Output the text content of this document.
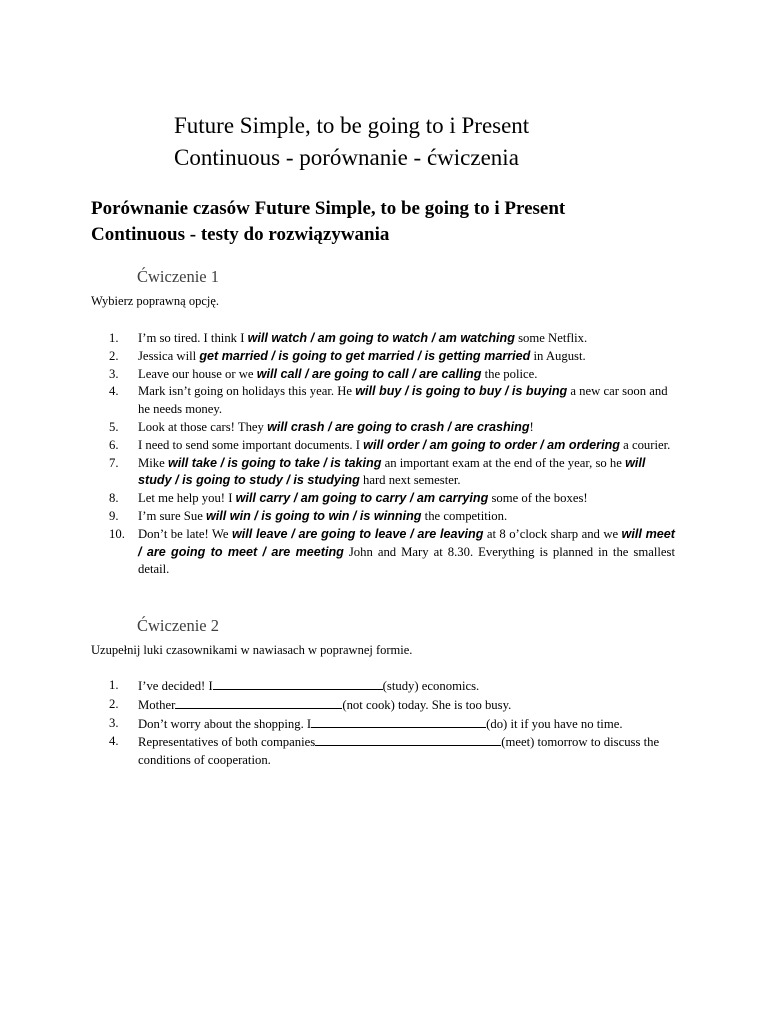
Future Simple, to be going to i Present
Continuous - porównanie - ćwiczenia
Porównanie czasów Future Simple, to be going to i Present
Continuous - testy do rozwiązywania
Ćwiczenie 1

Wybierz poprawną opcję.

1.	I’m so tired. I think I will watch / am going to watch / am watching some Netflix.
2.	Jessica will get married / is going to get married / is getting married in August.
3.	Leave our house or we will call / are going to call / are calling the police.
4.	Mark isn’t going on holidays this year. He will buy / is going to buy / is buying a new car soon and he needs money.
5.	Look at those cars! They will crash / are going to crash / are crashing!
6.	I need to send some important documents. I will order / am going to order / am ordering a courier.
7.	Mike will take / is going to take / is taking an important exam at the end of the year, so he will study / is going to study / is studying hard next semester.
8.	Let me help you! I will carry / am going to carry / am carrying some of the boxes!
9.	I’m sure Sue will win / is going to win / is winning the competition.
10.	Don’t be late! We will leave / are going to leave / are leaving at 8 o’clock sharp and we will meet / are going to meet / are meeting John and Mary at 8.30. Everything is planned in the smallest detail.
Ćwiczenie 2

Uzupełnij luki czasownikami w nawiasach w poprawnej formie.

1.	I’ve decided! I	(study) economics.
2.	Mother	(not cook) today. She is too busy.
3.	Don’t worry about the shopping. I	(do) it if you have no time.
4.	Representatives of both companies	(meet) tomorrow to discuss the conditions of cooperation.
